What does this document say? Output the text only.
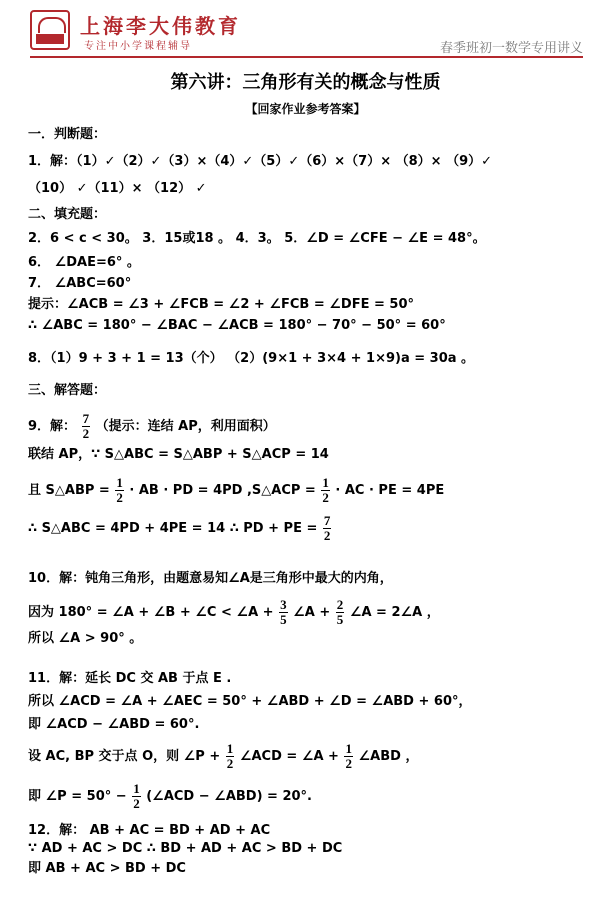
上海李大伟教育
专注中小学课程辅导	春季班初一数学专用讲义
第六讲：三角形有关的概念与性质
【回家作业参考答案】
一．判断题：
1．解：（1）✓（2）✓（3）×（4）✓（5）✓（6）×（7）× （8）× （9）✓
（10） ✓（11）× （12） ✓
二、填充题：
2．6 < c < 30。 3．15或18 。 4．3。 5．∠D = ∠CFE − ∠E = 48°。
6． ∠DAE=6° 。
7． ∠ABC=60°
提示：∠ACB = ∠3 + ∠FCB = ∠2 + ∠FCB = ∠DFE = 50°
∴ ∠ABC = 180° − ∠BAC − ∠ACB = 180° − 70° − 50° = 60°
8．（1）9 + 3 + 1 = 13（个） （2）(9×1 + 3×4 + 1×9)a = 30a 。
三、解答题：
9．解： $\frac{7}{2}$ （提示：连结 AP，利用面积）
联结 AP，∵ S△ABC = S△ABP + S△ACP = 14
且 S△ABP = $\frac{1}{2}$ · AB · PD = 4PD ,S△ACP = $\frac{1}{2}$ · AC · PE = 4PE
∴ S△ABC = 4PD + 4PE = 14 ∴ PD + PE = $\frac{7}{2}$
10．解：钝角三角形，由题意易知∠A是三角形中最大的内角，
因为 180° = ∠A + ∠B + ∠C < ∠A + $\frac{3}{5}$ ∠A + $\frac{2}{5}$ ∠A = 2∠A ，
所以 ∠A > 90° 。
11．解：延长 DC 交 AB 于点 E .
所以 ∠ACD = ∠A + ∠AEC = 50° + ∠ABD + ∠D = ∠ABD + 60°，
即 ∠ACD − ∠ABD = 60°.
设 AC, BP 交于点 O，则 ∠P + $\frac{1}{2}$ ∠ACD = ∠A + $\frac{1}{2}$ ∠ABD ，
即 ∠P = $50^\circ - \frac{1}{2}$ (∠ACD − ∠ABD) = 20°.
12．解： AB + AC = BD + AD + AC
∵ AD + AC > DC ∴ BD + AD + AC > BD + DC
即 AB + AC > BD + DC
